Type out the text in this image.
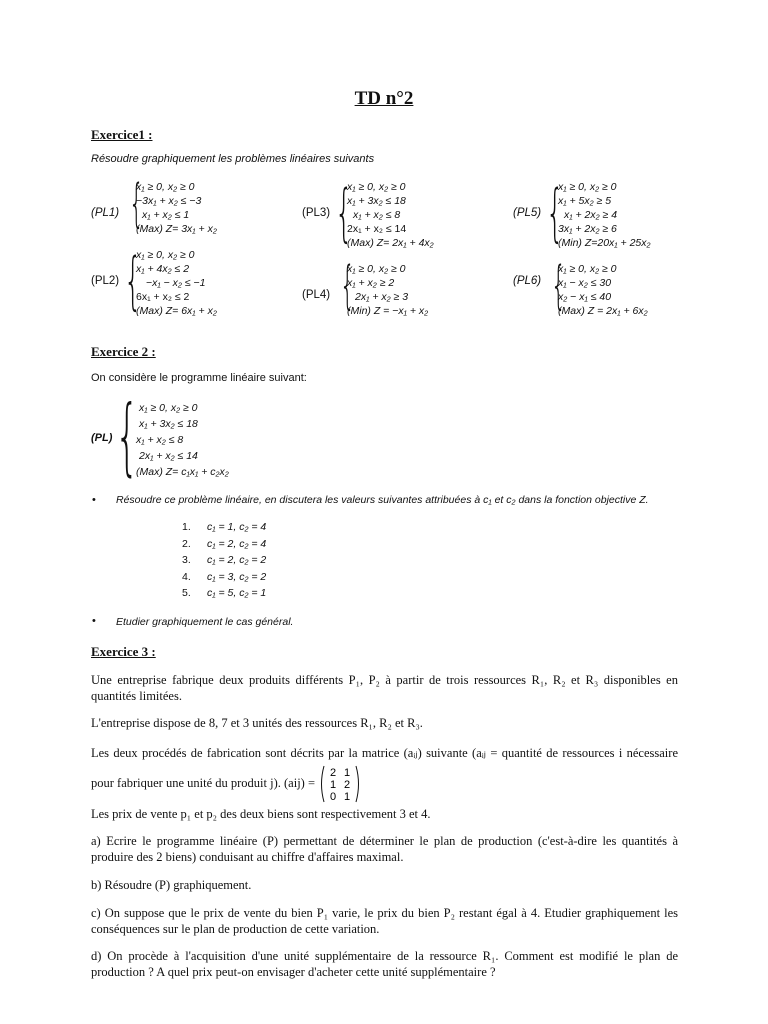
TD n°2
Exercice1 :
Résoudre graphiquement les problèmes linéaires suivants
(PL1) {
x₁ ≥ 0, x₂ ≥ 0
−3x₁ + x₂ ≤ −3
x₁ + x₂ ≤ 1
(Max) Z= 3x₁ + x₂
(PL3) {
x₁ ≥ 0, x₂ ≥ 0
x₁ + 3x₂ ≤ 18
x₁ + x₂ ≤ 8
2x₁ + x₂ ≤ 14
(Max) Z= 2x₁ + 4x₂
(PL5) {
x₁ ≥ 0, x₂ ≥ 0
x₁ + 5x₂ ≥ 5
x₁ + 2x₂ ≥ 4
3x₁ + 2x₂ ≥ 6
(Min) Z=20x₁ + 25x₂
(PL2) {
x₁ ≥ 0, x₂ ≥ 0
x₁ + 4x₂ ≤ 2
−x₁ − x₂ ≤ −1
6x₁ + x₂ ≤ 2
(Max) Z= 6x₁ + x₂
(PL4) {
x₁ ≥ 0, x₂ ≥ 0
x₁ + x₂ ≥ 2
2x₁ + x₂ ≥ 3
(Min) Z = −x₁ + x₂
(PL6) {
x₁ ≥ 0, x₂ ≥ 0
x₁ − x₂ ≤ 30
x₂ − x₁ ≤ 40
(Max) Z = 2x₁ + 6x₂
Exercice 2 :
On considère le programme linéaire suivant:
(PL) { x₁ ≥ 0, x₂ ≥ 0
x₁ + 3x₂ ≤ 18
x₁ + x₂ ≤ 8
2x₁ + x₂ ≤ 14
(Max) Z= c₁x₁ + c₂x₂
• Résoudre ce problème linéaire, en discutera les valeurs suivantes attribuées à c₁ et c₂ dans la fonction objective Z.
1. c₁ = 1, c₂ = 4
2. c₁ = 2, c₂ = 4
3. c₁ = 2, c₂ = 2
4. c₁ = 3, c₂ = 2
5. c₁ = 5, c₂ = 1
• Etudier graphiquement le cas général.
Exercice 3 :
Une entreprise fabrique deux produits différents P₁, P₂ à partir de trois ressources R₁, R₂ et R₃ disponibles en quantités limitées.
L'entreprise dispose de 8, 7 et 3 unités des ressources R₁, R₂ et R₃.
Les deux procédés de fabrication sont décrits par la matrice (aᵢⱼ) suivante (aᵢⱼ = quantité de ressources i nécessaire pour fabriquer une unité du produit j). (aij) =
2 1
1 2
0 1
Les prix de vente p₁ et p₂ des deux biens sont respectivement 3 et 4.
a) Ecrire le programme linéaire (P) permettant de déterminer le plan de production (c'est-à-dire les quantités à produire des 2 biens) conduisant au chiffre d'affaires maximal.
b) Résoudre (P) graphiquement.
c) On suppose que le prix de vente du bien P₁ varie, le prix du bien P₂ restant égal à 4. Etudier graphiquement les conséquences sur le plan de production de cette variation.
d) On procède à l'acquisition d'une unité supplémentaire de la ressource R₁. Comment est modifié le plan de production ? A quel prix peut-on envisager d'acheter cette unité supplémentaire ?
